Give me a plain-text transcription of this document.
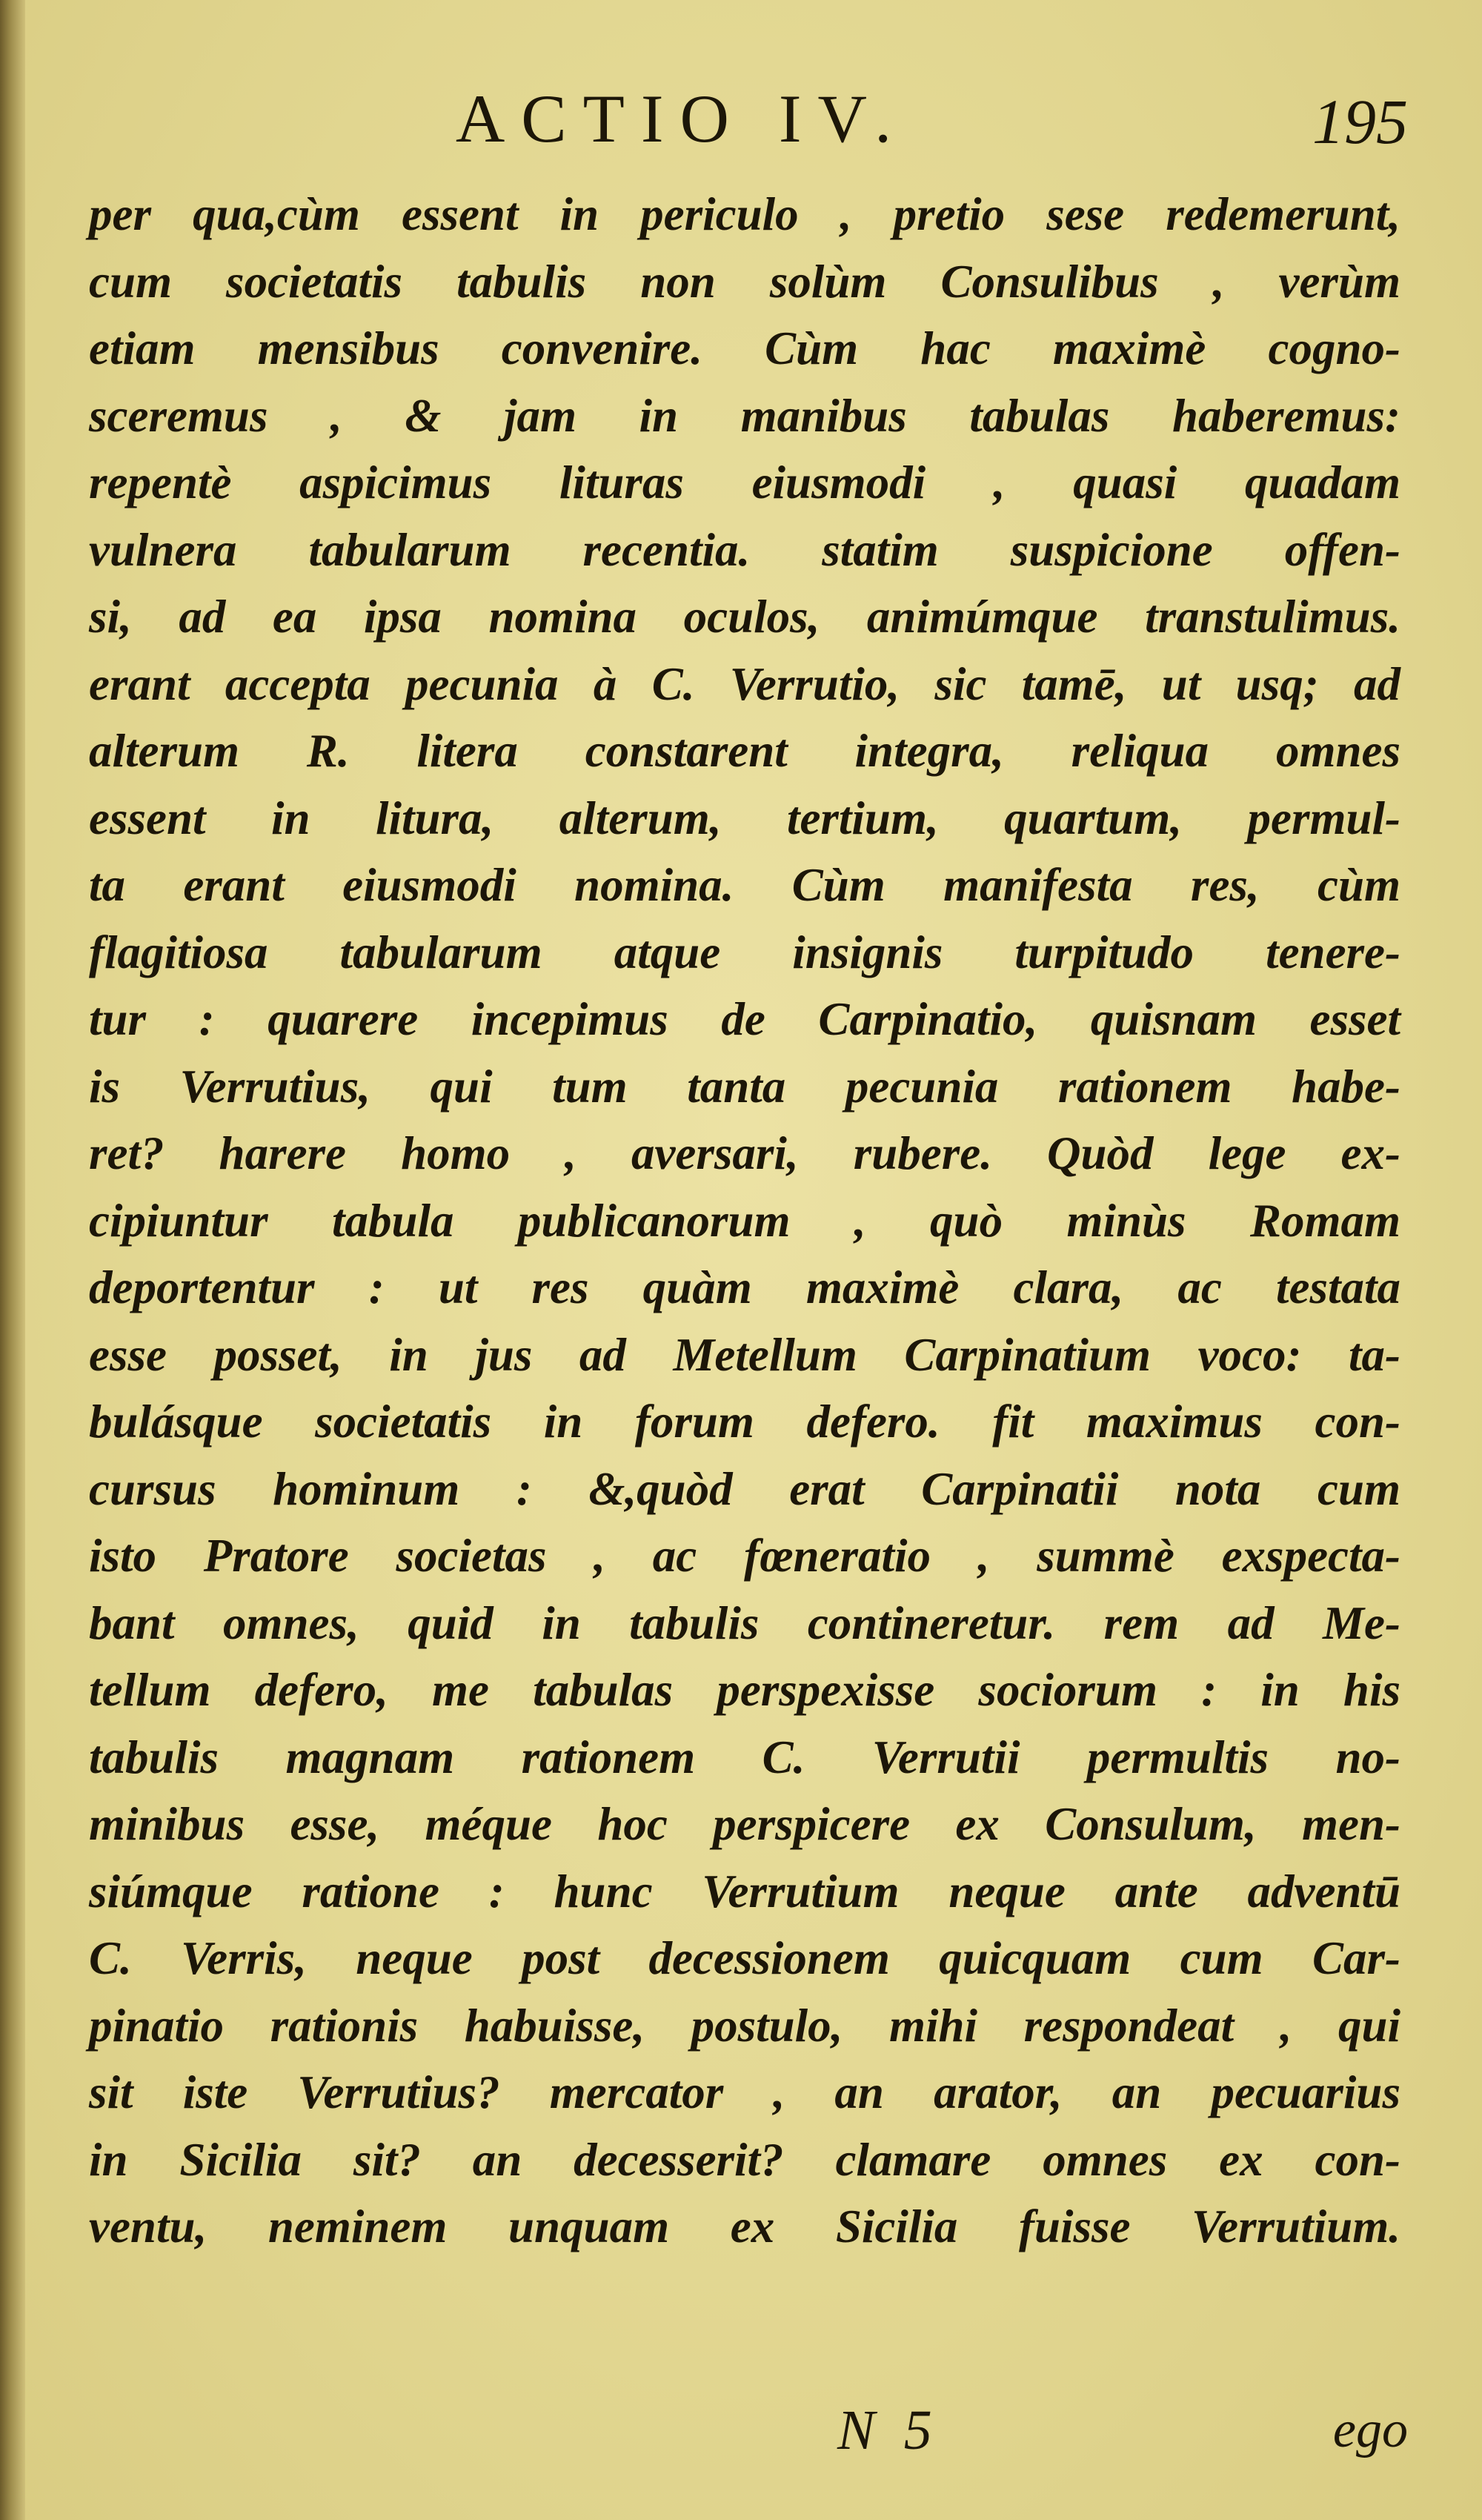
ACTIO IV.	195
per qua,cùm essent in periculo , pretio sese redemerunt,
cum societatis tabulis non solùm Consulibus , verùm
etiam mensibus convenire. Cùm hac maximè cogno-
sceremus , & jam in manibus tabulas haberemus:
repentè aspicimus lituras eiusmodi , quasi quadam
vulnera tabularum recentia. statim suspicione offen-
si, ad ea ipsa nomina oculos, animúmque transtulimus.
erant accepta pecunia à C. Verrutio, sic tamē, ut usq; ad
alterum R. litera constarent integra, reliqua omnes
essent in litura, alterum, tertium, quartum, permul-
ta erant eiusmodi nomina. Cùm manifesta res, cùm
flagitiosa tabularum atque insignis turpitudo tenere-
tur : quarere incepimus de Carpinatio, quisnam esset
is Verrutius, qui tum tanta pecunia rationem habe-
ret? harere homo , aversari, rubere. Quòd lege ex-
cipiuntur tabula publicanorum , quò minùs Romam
deportentur : ut res quàm maximè clara, ac testata
esse posset, in jus ad Metellum Carpinatium voco: ta-
bulásque societatis in forum defero. fit maximus con-
cursus hominum : &,quòd erat Carpinatii nota cum
isto Pratore societas , ac fœneratio , summè exspecta-
bant omnes, quid in tabulis contineretur. rem ad Me-
tellum defero, me tabulas perspexisse sociorum : in his
tabulis magnam rationem C. Verrutii permultis no-
minibus esse, méque hoc perspicere ex Consulum, men-
siúmque ratione : hunc Verrutium neque ante adventū
C. Verris, neque post decessionem quicquam cum Car-
pinatio rationis habuisse, postulo, mihi respondeat , qui
sit iste Verrutius? mercator , an arator, an pecuarius
in Sicilia sit? an decesserit? clamare omnes ex con-
ventu, neminem unquam ex Sicilia fuisse Verrutium.
N 5	ego
